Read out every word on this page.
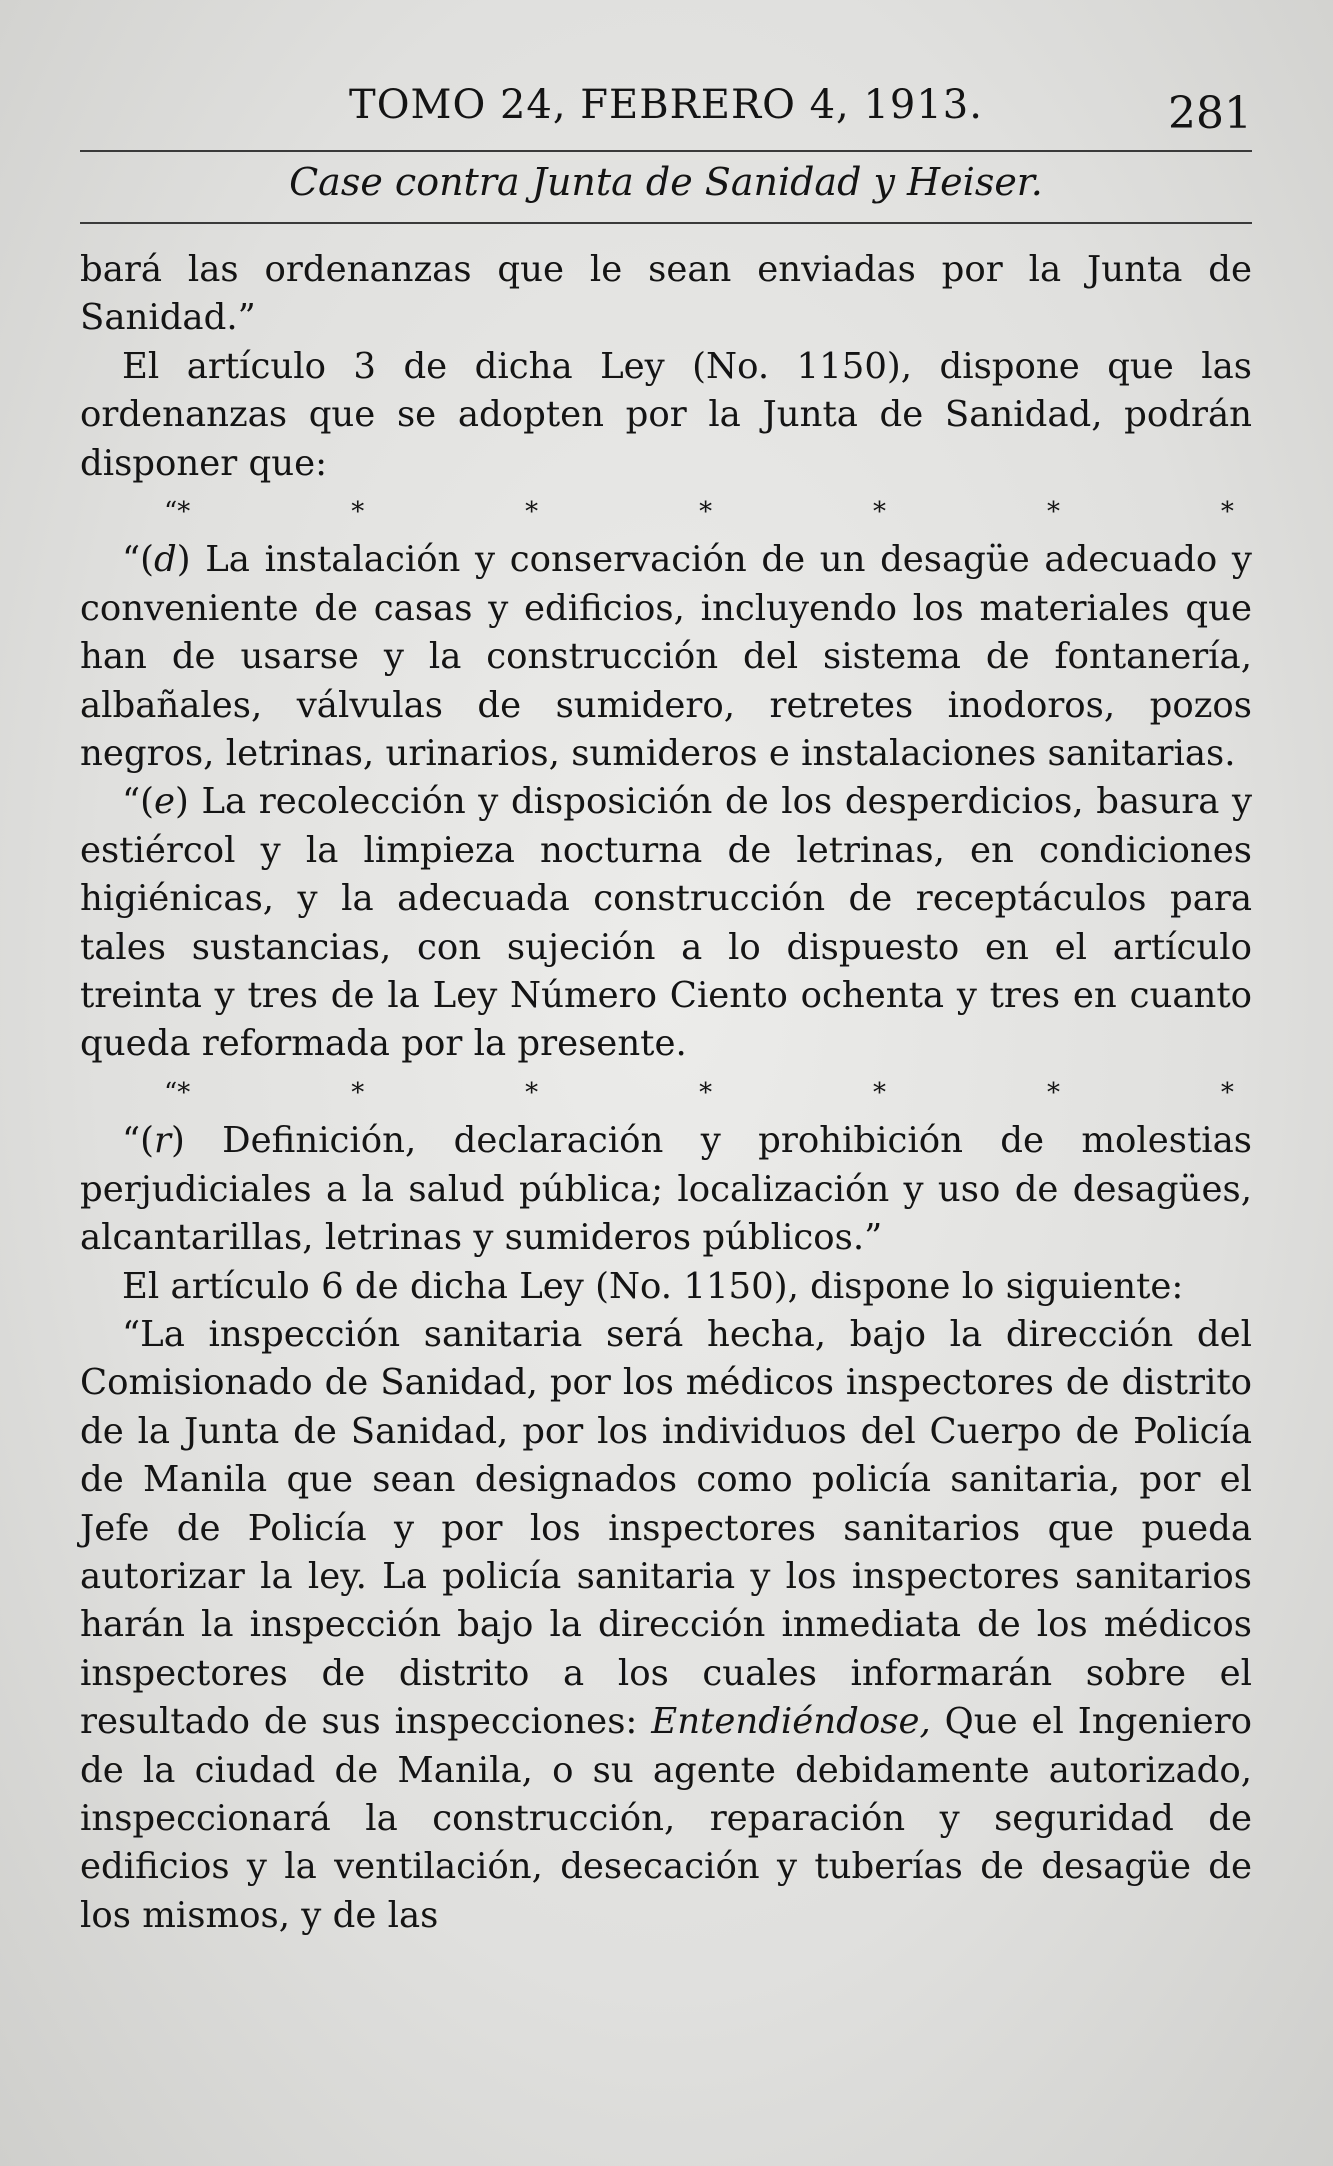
TOMO 24, FEBRERO 4, 1913.	281
Case contra Junta de Sanidad y Heiser.

bará las ordenanzas que le sean enviadas por la Junta de Sanidad.”

El artículo 3 de dicha Ley (No. 1150), dispone que las ordenanzas que se adopten por la Junta de Sanidad, podrán disponer que:

“*	*	*	*	*	*	*

“(d) La instalación y conservación de un desagüe adecuado y conveniente de casas y edificios, incluyendo los materiales que han de usarse y la construcción del sistema de fontanería, albañales, válvulas de sumidero, retretes inodoros, pozos negros, letrinas, urinarios, sumideros e instalaciones sanitarias.

“(e) La recolección y disposición de los desperdicios, basura y estiércol y la limpieza nocturna de letrinas, en condiciones higiénicas, y la adecuada construcción de receptáculos para tales sustancias, con sujeción a lo dispuesto en el artículo treinta y tres de la Ley Número Ciento ochenta y tres en cuanto queda reformada por la presente.

“*	*	*	*	*	*	*

“(r) Definición, declaración y prohibición de molestias perjudiciales a la salud pública; localización y uso de desagües, alcantarillas, letrinas y sumideros públicos.”

El artículo 6 de dicha Ley (No. 1150), dispone lo siguiente:

“La inspección sanitaria será hecha, bajo la dirección del Comisionado de Sanidad, por los médicos inspectores de distrito de la Junta de Sanidad, por los individuos del Cuerpo de Policía de Manila que sean designados como policía sanitaria, por el Jefe de Policía y por los inspectores sanitarios que pueda autorizar la ley. La policía sanitaria y los inspectores sanitarios harán la inspección bajo la dirección inmediata de los médicos inspectores de distrito a los cuales informarán sobre el resultado de sus inspecciones: Entendiéndose, Que el Ingeniero de la ciudad de Manila, o su agente debidamente autorizado, inspeccionará la construcción, reparación y seguridad de edificios y la ventilación, desecación y tuberías de desagüe de los mismos, y de las
